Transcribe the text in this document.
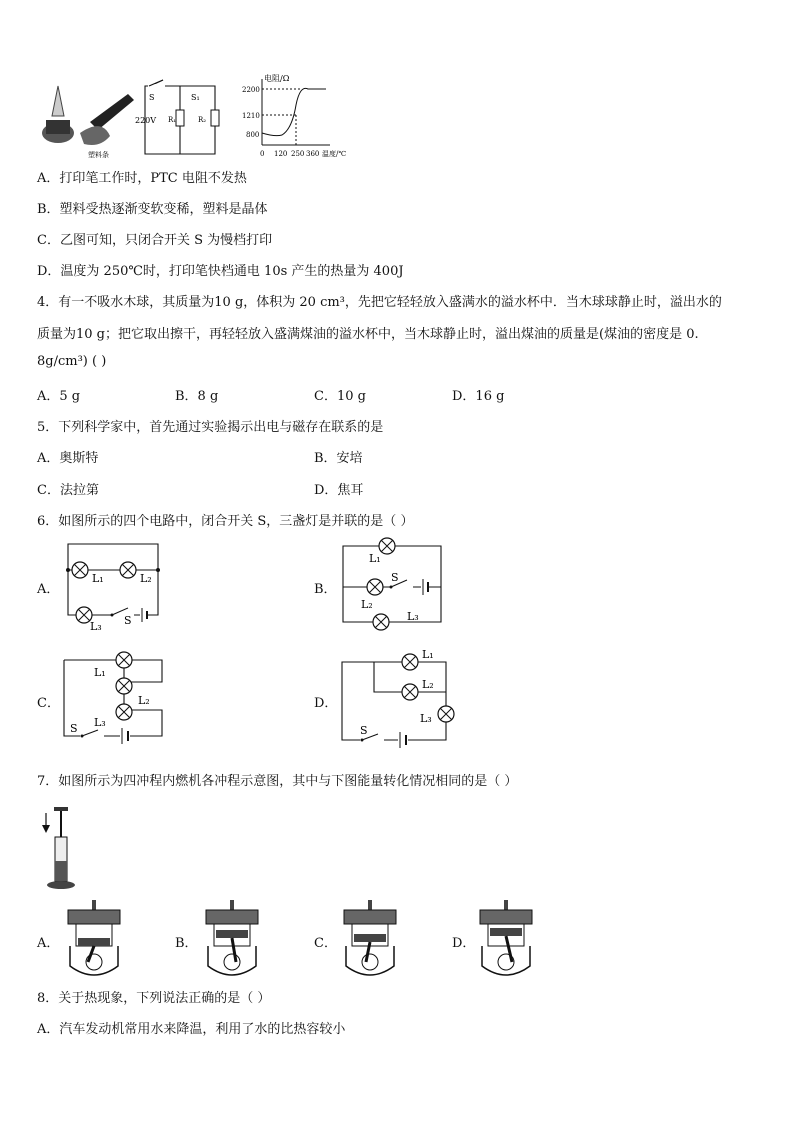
塑料条
S	S₁
220V R₁	R₂
电阻/Ω
2200
1210
800
0 120 250 360 温度/℃
A．打印笔工作时，PTC 电阻不发热
B．塑料受热逐渐变软变稀，塑料是晶体
C．乙图可知，只闭合开关 S 为慢档打印
D．温度为 250℃时，打印笔快档通电 10s 产生的热量为 400J
4．有一不吸水木球，其质量为10 g，体积为 20 cm³，先把它轻轻放入盛满水的溢水杯中．当木球球静止时，溢出水的
质量为10 g；把它取出擦干，再轻轻放入盛满煤油的溢水杯中，当木球静止时，溢出煤油的质量是(煤油的密度是 0.
8g/cm³) ( )
A．5 g	B．8 g	C．10 g	D．16 g
5．下列科学家中，首先通过实验揭示出电与磁存在联系的是
A．奥斯特	B．安培
C．法拉第	D．焦耳
6．如图所示的四个电路中，闭合开关 S，三盏灯是并联的是（ ）
A．	B．
C．	D．
L₁	L₂
L₃ S
L₁
L₂
L₃
S
L₁
L₂
L₃
S
L₁
L₂
L₃
S
7．如图所示为四冲程内燃机各冲程示意图，其中与下图能量转化情况相同的是（ ）
A．	B．	C．	D．
8．关于热现象，下列说法正确的是（ ）
A．汽车发动机常用水来降温，利用了水的比热容较小
